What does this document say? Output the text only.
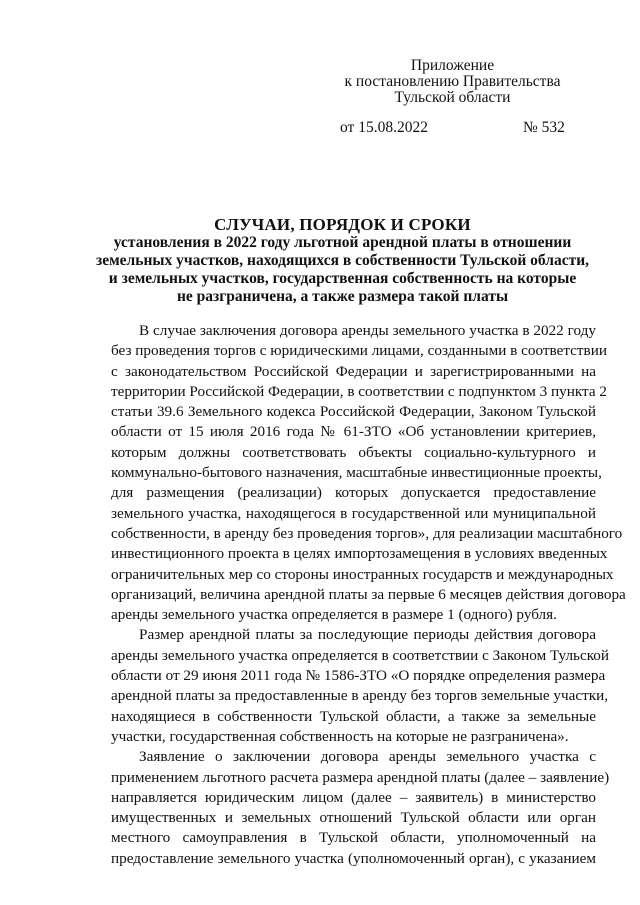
Приложение
к постановлению Правительства
Тульской области
от 15.08.2022	№ 532
СЛУЧАИ, ПОРЯДОК И СРОКИ
установления в 2022 году льготной арендной платы в отношении
земельных участков, находящихся в собственности Тульской области,
и земельных участков, государственная собственность на которые
не разграничена, а также размера такой платы
В случае заключения договора аренды земельного участка в 2022 году
без проведения торгов с юридическими лицами, созданными в соответствии
с законодательством Российской Федерации и зарегистрированными на
территории Российской Федерации, в соответствии с подпунктом 3 пункта 2
статьи 39.6 Земельного кодекса Российской Федерации, Законом Тульской
области от 15 июля 2016 года № 61-ЗТО «Об установлении критериев,
которым должны соответствовать объекты социально-культурного и
коммунально-бытового назначения, масштабные инвестиционные проекты,
для размещения (реализации) которых допускается предоставление
земельного участка, находящегося в государственной или муниципальной
собственности, в аренду без проведения торгов», для реализации масштабного
инвестиционного проекта в целях импортозамещения в условиях введенных
ограничительных мер со стороны иностранных государств и международных
организаций, величина арендной платы за первые 6 месяцев действия договора
аренды земельного участка определяется в размере 1 (одного) рубля.
Размер арендной платы за последующие периоды действия договора
аренды земельного участка определяется в соответствии с Законом Тульской
области от 29 июня 2011 года № 1586-ЗТО «О порядке определения размера
арендной платы за предоставленные в аренду без торгов земельные участки,
находящиеся в собственности Тульской области, а также за земельные
участки, государственная собственность на которые не разграничена».
Заявление о заключении договора аренды земельного участка с
применением льготного расчета размера арендной платы (далее – заявление)
направляется юридическим лицом (далее – заявитель) в министерство
имущественных и земельных отношений Тульской области или орган
местного самоуправления в Тульской области, уполномоченный на
предоставление земельного участка (уполномоченный орган), с указанием
